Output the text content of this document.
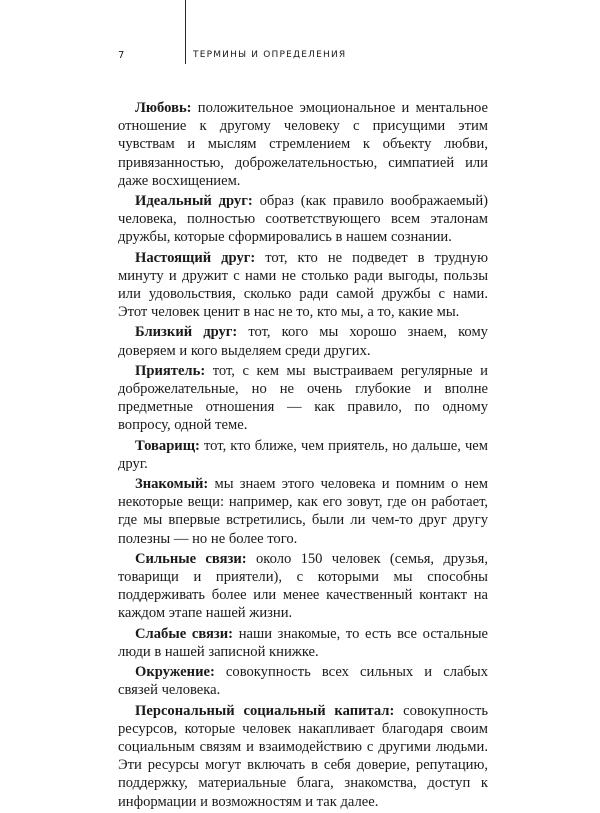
7	ТЕРМИНЫ И ОПРЕДЕЛЕНИЯ

Любовь: положительное эмоциональное и ментальное отношение к другому человеку с присущими этим чувствам и мыслям стремлением к объекту любви, привязанностью, доброжелательностью, симпатией или даже восхищением.

Идеальный друг: образ (как правило воображаемый) человека, полностью соответствующего всем эталонам дружбы, которые сформировались в нашем сознании.

Настоящий друг: тот, кто не подведет в трудную минуту и дружит с нами не столько ради выгоды, пользы или удовольствия, сколько ради самой дружбы с нами. Этот человек ценит в нас не то, кто мы, а то, какие мы.

Близкий друг: тот, кого мы хорошо знаем, кому доверяем и кого выделяем среди других.

Приятель: тот, с кем мы выстраиваем регулярные и доброжелательные, но не очень глубокие и вполне предметные отношения — как правило, по одному вопросу, одной теме.

Товарищ: тот, кто ближе, чем приятель, но дальше, чем друг.

Знакомый: мы знаем этого человека и помним о нем некоторые вещи: например, как его зовут, где он работает, где мы впервые встретились, были ли чем-то друг другу полезны — но не более того.

Сильные связи: около 150 человек (семья, друзья, товарищи и приятели), с которыми мы способны поддерживать более или менее качественный контакт на каждом этапе нашей жизни.

Слабые связи: наши знакомые, то есть все остальные люди в нашей записной книжке.

Окружение: совокупность всех сильных и слабых связей человека.

Персональный социальный капитал: совокупность ресурсов, которые человек накапливает благодаря своим социальным связям и взаимодействию с другими людьми. Эти ресурсы могут включать в себя доверие, репутацию, поддержку, материальные блага, знакомства, доступ к информации и возможностям и так далее.
